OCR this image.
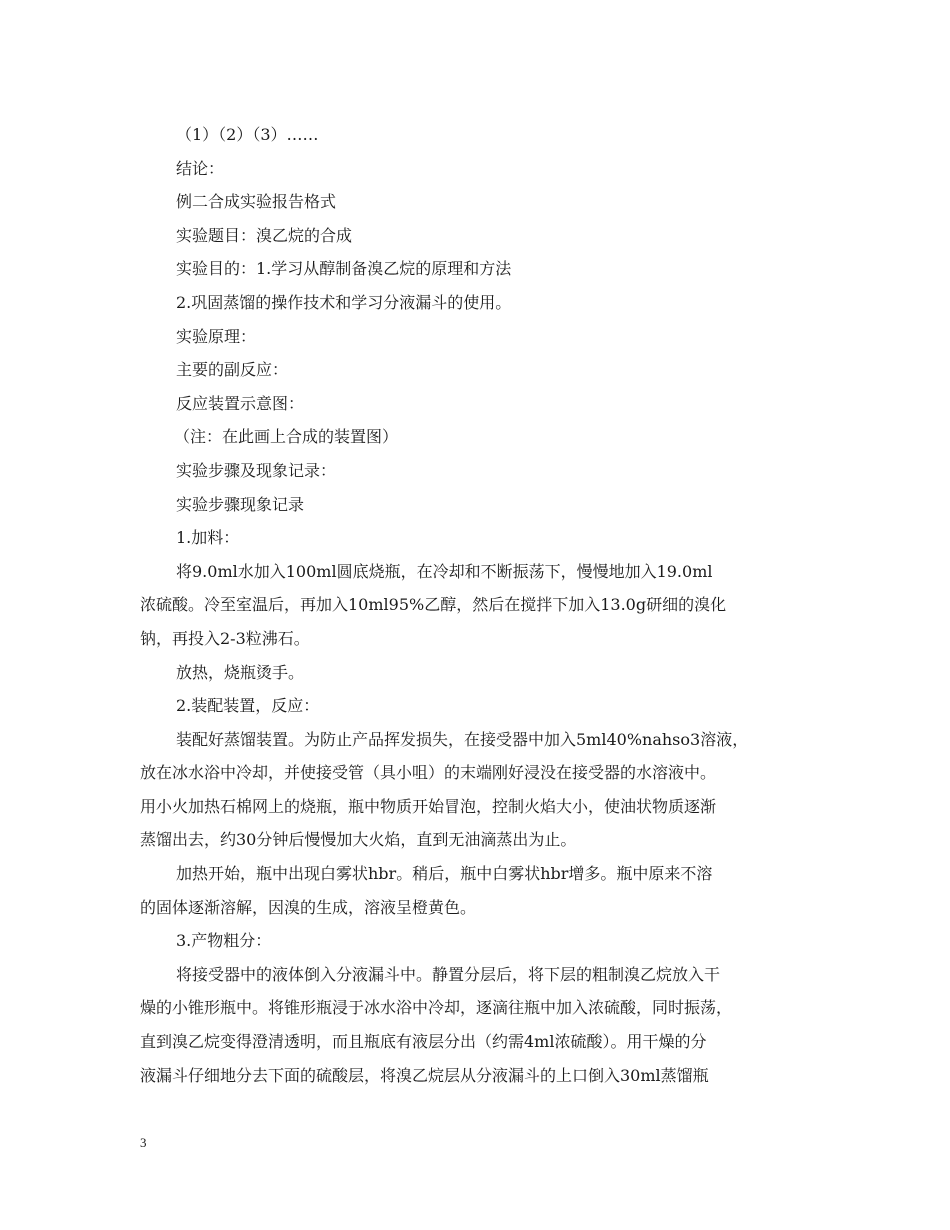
（1）（2）（3）……

结论：

例二合成实验报告格式

实验题目：溴乙烷的合成

实验目的：1.学习从醇制备溴乙烷的原理和方法

2.巩固蒸馏的操作技术和学习分液漏斗的使用。

实验原理：

主要的副反应：

反应装置示意图：

（注：在此画上合成的装置图）

实验步骤及现象记录：

实验步骤现象记录

1.加料：

将9.0ml水加入100ml圆底烧瓶，在冷却和不断振荡下，慢慢地加入19.0ml

浓硫酸。冷至室温后，再加入10ml95%乙醇，然后在搅拌下加入13.0g研细的溴化

钠，再投入2-3粒沸石。

放热，烧瓶烫手。

2.装配装置，反应：

装配好蒸馏装置。为防止产品挥发损失，在接受器中加入5ml40%nahso3溶液，

放在冰水浴中冷却，并使接受管（具小咀）的末端刚好浸没在接受器的水溶液中。

用小火加热石棉网上的烧瓶，瓶中物质开始冒泡，控制火焰大小，使油状物质逐渐

蒸馏出去，约30分钟后慢慢加大火焰，直到无油滴蒸出为止。

加热开始，瓶中出现白雾状hbr。稍后，瓶中白雾状hbr增多。瓶中原来不溶

的固体逐渐溶解，因溴的生成，溶液呈橙黄色。

3.产物粗分：

将接受器中的液体倒入分液漏斗中。静置分层后，将下层的粗制溴乙烷放入干

燥的小锥形瓶中。将锥形瓶浸于冰水浴中冷却，逐滴往瓶中加入浓硫酸，同时振荡，

直到溴乙烷变得澄清透明，而且瓶底有液层分出（约需4ml浓硫酸）。用干燥的分

液漏斗仔细地分去下面的硫酸层，将溴乙烷层从分液漏斗的上口倒入30ml蒸馏瓶

3
